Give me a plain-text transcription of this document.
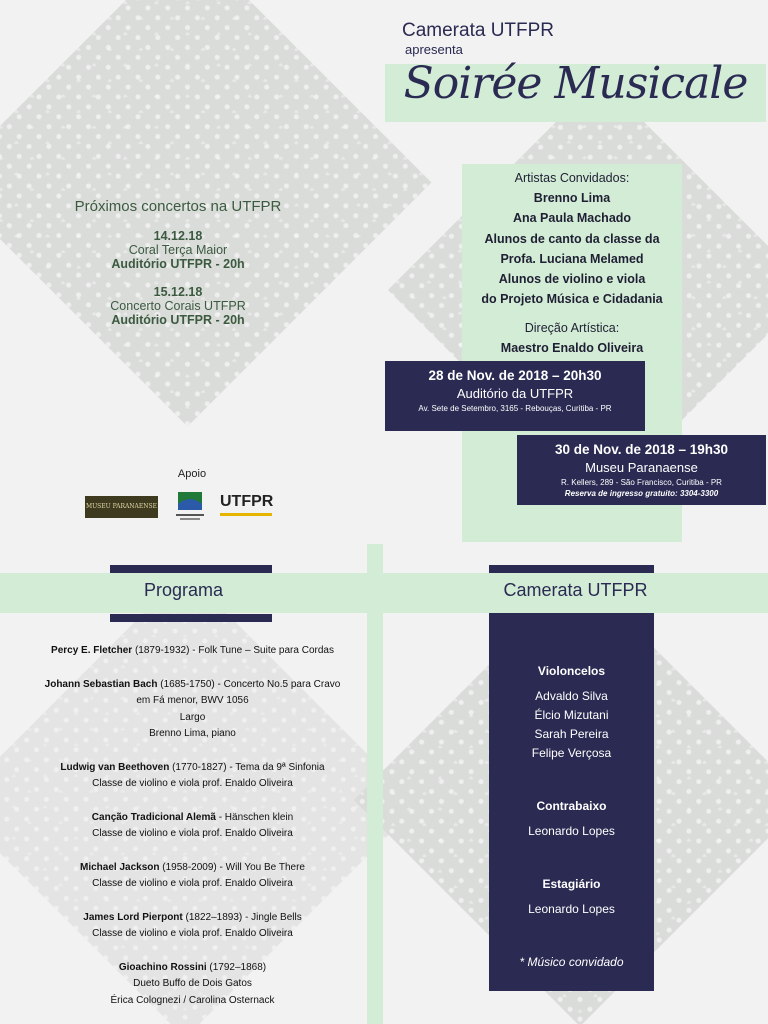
Camerata UTFPR
apresenta
Soirée Musicale
Artistas Convidados:
Brenno Lima
Ana Paula Machado
Alunos de canto da classe da
Profa. Luciana Melamed
Alunos de violino e viola
do Projeto Música e Cidadania
Direção Artística:
Maestro Enaldo Oliveira
28 de Nov. de 2018 – 20h30
Auditório da UTFPR
Av. Sete de Setembro, 3165 - Rebouças, Curitiba - PR
30 de Nov. de 2018 – 19h30
Museu Paranaense
R. Kellers, 289 - São Francisco, Curitiba - PR
Reserva de ingresso gratuito: 3304-3300
Próximos concertos na UTFPR
14.12.18
Coral Terça Maior
Auditório UTFPR - 20h
15.12.18
Concerto Corais UTFPR
Auditório UTFPR - 20h
Apoio
MUSEU PARANAENSE	UTFPR
Programa	Camerata UTFPR
Percy E. Fletcher (1879-1932) - Folk Tune – Suite para Cordas
Johann Sebastian Bach (1685-1750) - Concerto No.5 para Cravo
em Fá menor, BWV 1056
Largo
Brenno Lima, piano
Ludwig van Beethoven (1770-1827) - Tema da 9ª Sinfonia
Classe de violino e viola prof. Enaldo Oliveira
Canção Tradicional Alemã - Hänschen klein
Classe de violino e viola prof. Enaldo Oliveira
Michael Jackson (1958-2009) - Will You Be There
Classe de violino e viola prof. Enaldo Oliveira
James Lord Pierpont (1822–1893) - Jingle Bells
Classe de violino e viola prof. Enaldo Oliveira
Gioachino Rossini (1792–1868)
Dueto Buffo de Dois Gatos
Érica Colognezi / Carolina Osternack
Violoncelos
Advaldo Silva
Élcio Mizutani
Sarah Pereira
Felipe Verçosa
Contrabaixo
Leonardo Lopes
Estagiário
Leonardo Lopes
* Músico convidado
